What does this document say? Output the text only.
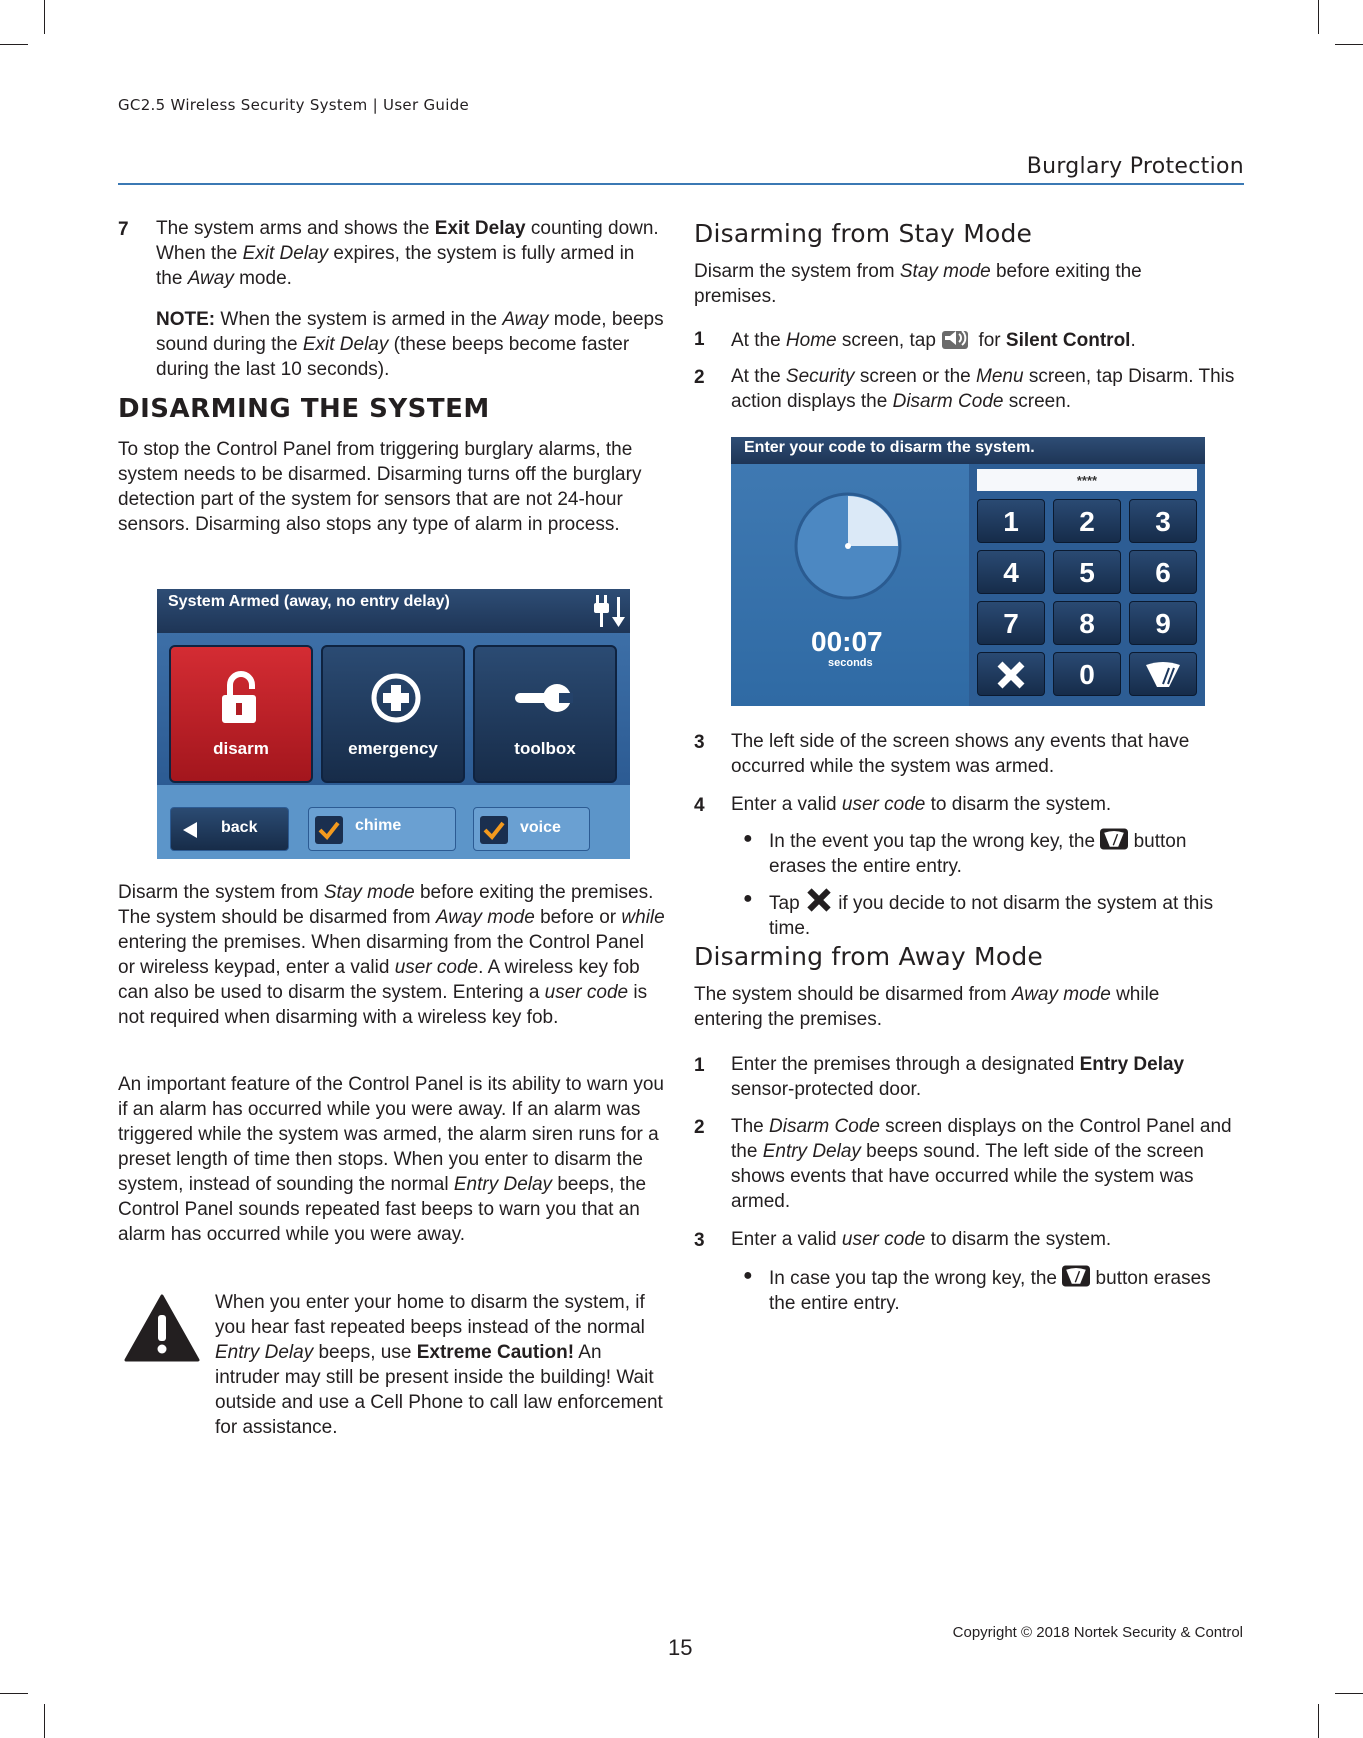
GC2.5 Wireless Security System | User Guide
Burglary Protection
7 The system arms and shows the Exit Delay counting down. When the Exit Delay expires, the system is fully armed in the Away mode.

NOTE: When the system is armed in the Away mode, beeps sound during the Exit Delay (these beeps become faster during the last 10 seconds).

DISARMING THE SYSTEM

To stop the Control Panel from triggering burglary alarms, the system needs to be disarmed. Disarming turns off the burglary detection part of the system for sensors that are not 24-hour sensors. Disarming also stops any type of alarm in process.

System Armed (away, no entry delay)
disarm	emergency	toolbox
back	chime	voice

Disarm the system from Stay mode before exiting the premises. The system should be disarmed from Away mode before or while entering the premises. When disarming from the Control Panel or wireless keypad, enter a valid user code. A wireless key fob can also be used to disarm the system. Entering a user code is not required when disarming with a wireless key fob.

An important feature of the Control Panel is its ability to warn you if an alarm has occurred while you were away. If an alarm was triggered while the system was armed, the alarm siren runs for a preset length of time then stops. When you enter to disarm the system, instead of sounding the normal Entry Delay beeps, the Control Panel sounds repeated fast beeps to warn you that an alarm has occurred while you were away.

When you enter your home to disarm the system, if you hear fast repeated beeps instead of the normal Entry Delay beeps, use Extreme Caution! An intruder may still be present inside the building! Wait outside and use a Cell Phone to call law enforcement for assistance.

Disarming from Stay Mode

Disarm the system from Stay mode before exiting the premises.

1 At the Home screen, tap  for Silent Control.

2 At the Security screen or the Menu screen, tap Disarm. This action displays the Disarm Code screen.

Enter your code to disarm the system.
00:07
seconds
****
1	2	3
4	5	6
7	8	9
0
3 The left side of the screen shows any events that have occurred while the system was armed.

4 Enter a valid user code to disarm the system.

● In the event you tap the wrong key, the  button erases the entire entry.

● Tap  if you decide to not disarm the system at this time.

Disarming from Away Mode

The system should be disarmed from Away mode while entering the premises.

1 Enter the premises through a designated Entry Delay sensor-protected door.

2 The Disarm Code screen displays on the Control Panel and the Entry Delay beeps sound. The left side of the screen shows events that have occurred while the system was armed.

3 Enter a valid user code to disarm the system.

● In case you tap the wrong key, the  button erases the entire entry.

15
Copyright © 2018 Nortek Security & Control
